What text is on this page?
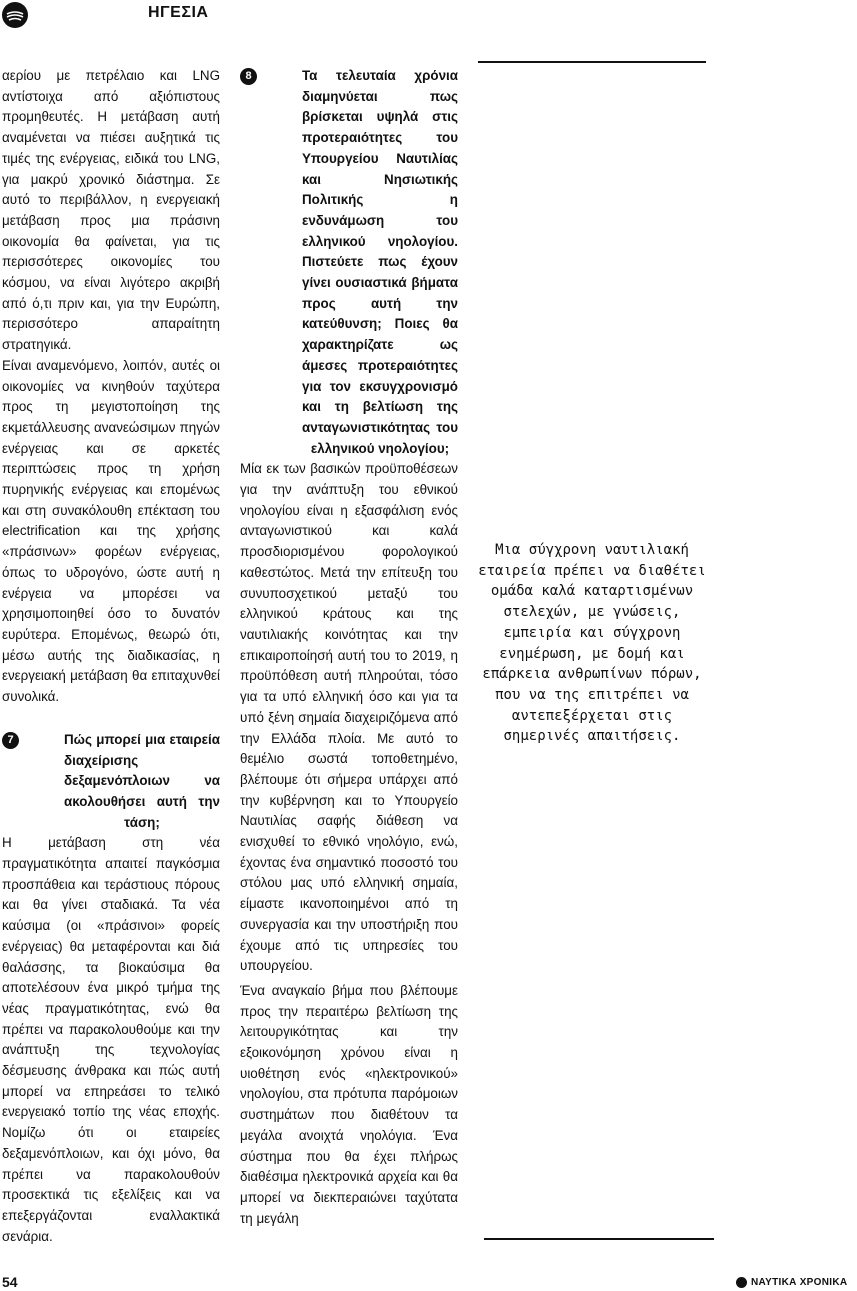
ΗΓΕΣΙΑ

αερίου με πετρέλαιο και LNG αντίστοιχα από αξιόπιστους προμηθευτές. Η μετάβαση αυτή αναμένεται να πιέσει αυξητικά τις τιμές της ενέργειας, ειδικά του LNG, για μακρύ χρονικό διάστημα. Σε αυτό το περιβάλλον, η ενεργειακή μετάβαση προς μια πράσινη οικονομία θα φαίνεται, για τις περισσότερες οικονομίες του κόσμου, να είναι λιγότερο ακριβή από ό,τι πριν και, για την Ευρώπη, περισσότερο απαραίτητη στρατηγικά.

Είναι αναμενόμενο, λοιπόν, αυτές οι οικονομίες να κινηθούν ταχύτερα προς τη μεγιστοποίηση της εκμετάλλευσης ανανεώσιμων πηγών ενέργειας και σε αρκετές περιπτώσεις προς τη χρήση πυρηνικής ενέργειας και επομένως και στη συνακόλουθη επέκταση του electrification και της χρήσης «πράσινων» φορέων ενέργειας, όπως το υδρογόνο, ώστε αυτή η ενέργεια να μπορέσει να χρησιμοποιηθεί όσο το δυνατόν ευρύτερα. Επομένως, θεωρώ ότι, μέσω αυτής της διαδικασίας, η ενεργειακή μετάβαση θα επιταχυνθεί συνολικά.

7	Πώς μπορεί μια εταιρεία διαχείρισης δεξαμενόπλοιων να ακολουθήσει αυτή την τάση;

Η μετάβαση στη νέα πραγματικότητα απαιτεί παγκόσμια προσπάθεια και τεράστιους πόρους και θα γίνει σταδιακά. Τα νέα καύσιμα (οι «πράσινοι» φορείς ενέργειας) θα μεταφέρονται και διά θαλάσσης, τα βιοκαύσιμα θα αποτελέσουν ένα μικρό τμήμα της νέας πραγματικότητας, ενώ θα πρέπει να παρακολουθούμε και την ανάπτυξη της τεχνολογίας δέσμευσης άνθρακα και πώς αυτή μπορεί να επηρεάσει το τελικό ενεργειακό τοπίο της νέας εποχής. Νομίζω ότι οι εταιρείες δεξαμενόπλοιων, και όχι μόνο, θα πρέπει να παρακολουθούν προσεκτικά τις εξελίξεις και να επεξεργάζονται εναλλακτικά σενάρια.

8	Τα τελευταία χρόνια διαμηνύεται πως βρίσκεται υψηλά στις προτεραιότητες του Υπουργείου Ναυτιλίας και Νησιωτικής Πολιτικής η ενδυνάμωση του ελληνικού νηολογίου. Πιστεύετε πως έχουν γίνει ουσιαστικά βήματα προς αυτή την κατεύθυνση; Ποιες θα χαρακτηρίζατε ως άμεσες προτεραιότητες για τον εκσυγχρονισμό και τη βελτίωση της ανταγωνιστικότητας του ελληνικού νηολογίου;

Μία εκ των βασικών προϋποθέσεων για την ανάπτυξη του εθνικού νηολογίου είναι η εξασφάλιση ενός ανταγωνιστικού και καλά προσδιορισμένου φορολογικού καθεστώτος. Μετά την επίτευξη του συνυποσχετικού μεταξύ του ελληνικού κράτους και της ναυτιλιακής κοινότητας και την επικαιροποίησή αυτή του το 2019, η προϋπόθεση αυτή πληρούται, τόσο για τα υπό ελληνική όσο και για τα υπό ξένη σημαία διαχειριζόμενα από την Ελλάδα πλοία. Με αυτό το θεμέλιο σωστά τοποθετημένο, βλέπουμε ότι σήμερα υπάρχει από την κυβέρνηση και το Υπουργείο Ναυτιλίας σαφής διάθεση να ενισχυθεί το εθνικό νηολόγιο, ενώ, έχοντας ένα σημαντικό ποσοστό του στόλου μας υπό ελληνική σημαία, είμαστε ικανοποιημένοι από τη συνεργασία και την υποστήριξη που έχουμε από τις υπηρεσίες του υπουργείου.

Ένα αναγκαίο βήμα που βλέπουμε προς την περαιτέρω βελτίωση της λειτουργικότητας και την εξοικονόμηση χρόνου είναι η υιοθέτηση ενός «ηλεκτρονικού» νηολογίου, στα πρότυπα παρόμοιων συστημάτων που διαθέτουν τα μεγάλα ανοιχτά νηολόγια. Ένα σύστημα που θα έχει πλήρως διαθέσιμα ηλεκτρονικά αρχεία και θα μπορεί να διεκπεραιώνει ταχύτατα τη μεγάλη

Μια σύγχρονη ναυτιλιακή εταιρεία πρέπει να διαθέτει ομάδα καλά καταρτισμένων στελεχών, με γνώσεις, εμπειρία και σύγχρονη ενημέρωση, με δομή και επάρκεια ανθρωπίνων πόρων, που να της επιτρέπει να αντεπεξέρχεται στις σημερινές απαιτήσεις.
54	ΝΑΥΤΙΚΑ ΧΡΟΝΙΚΑ
